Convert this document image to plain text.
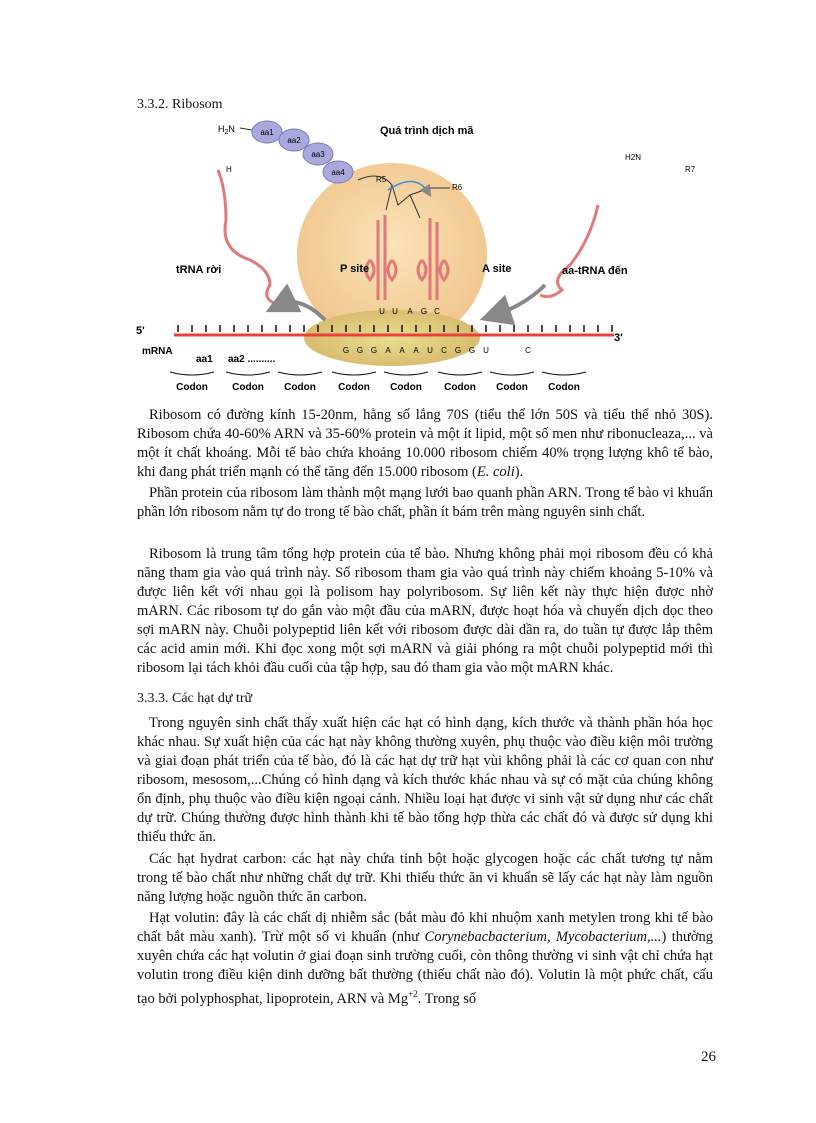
3.3.2. Ribosom
Quá trình dịch mã
$H_2N$	aa1
aa2
aa3
aa4
R5
R6
P site	A site
H
tRNA rời
H2N
R7
aa-tRNA đến
U U A G C
5'
3'
G G G A A A U C G G U	C
mRNA
aa1 aa2 ..........
Codon Codon Codon Codon Codon Codon Codon Codon

Ribosom có đường kính 15-20nm, hằng số lắng 70S (tiểu thể lớn 50S và tiểu thể nhỏ 30S). Ribosom chứa 40-60% ARN và 35-60% protein và một ít lipid, một số men như ribonucleaza,... và một ít chất khoáng. Mỗi tế bào chứa khoảng 10.000 ribosom chiếm 40% trọng lượng khô tế bào, khi đang phát triển mạnh có thể tăng đến 15.000 ribosom (E. coli).

Phần protein của ribosom làm thành một mạng lưới bao quanh phần ARN. Trong tế bào vi khuẩn phần lớn ribosom nằm tự do trong tế bào chất, phần ít bám trên màng nguyên sinh chất.

Ribosom là trung tâm tổng hợp protein của tế bào. Nhưng không phải mọi ribosom đều có khả năng tham gia vào quá trình này. Số ribosom tham gia vào quá trình này chiếm khoảng 5-10% và được liên kết với nhau gọi là polisom hay polyribosom. Sự liên kết này thực hiện được nhờ mARN. Các ribosom tự do gắn vào một đầu của mARN, được hoạt hóa và chuyển dịch dọc theo sợi mARN này. Chuỗi polypeptid liên kết với ribosom được dài dần ra, do tuần tự được lắp thêm các acid amin mới. Khi đọc xong một sợi mARN và giải phóng ra một chuỗi polypeptid mới thì ribosom lại tách khỏi đầu cuối của tập hợp, sau đó tham gia vào một mARN khác.

3.3.3. Các hạt dự trữ

Trong nguyên sinh chất thấy xuất hiện các hạt có hình dạng, kích thước và thành phần hóa học khác nhau. Sự xuất hiện của các hạt này không thường xuyên, phụ thuộc vào điều kiện môi trường và giai đoạn phát triển của tế bào, đó là các hạt dự trữ hạt vùi không phải là các cơ quan con như ribosom, mesosom,...Chúng có hình dạng và kích thước khác nhau và sự có mặt của chúng không ổn định, phụ thuộc vào điều kiện ngoại cảnh. Nhiều loại hạt được vi sinh vật sử dụng như các chất dự trữ. Chúng thường được hình thành khi tế bào tổng hợp thừa các chất đó và được sử dụng khi thiếu thức ăn.

Các hạt hydrat carbon: các hạt này chứa tinh bột hoặc glycogen hoặc các chất tương tự nằm trong tế bào chất như những chất dự trữ. Khi thiếu thức ăn vi khuẩn sẽ lấy các hạt này làm nguồn năng lượng hoặc nguồn thức ăn carbon.

Hạt volutin: đây là các chất dị nhiễm sắc (bắt màu đỏ khi nhuộm xanh metylen trong khi tế bào chất bắt màu xanh). Trừ một số vi khuẩn (như Corynebacbacterium, Mycobacterium,...) thường xuyên chứa các hạt volutin ở giai đoạn sinh trường cuối, còn thông thường vi sinh vật chỉ chứa hạt volutin trong điều kiện dinh dưỡng bất thường (thiếu chất nào đó). Volutin là một phức chất, cấu tạo bởi polyphosphat, lipoprotein, ARN và $Mg^{+2}$. Trong số

26
